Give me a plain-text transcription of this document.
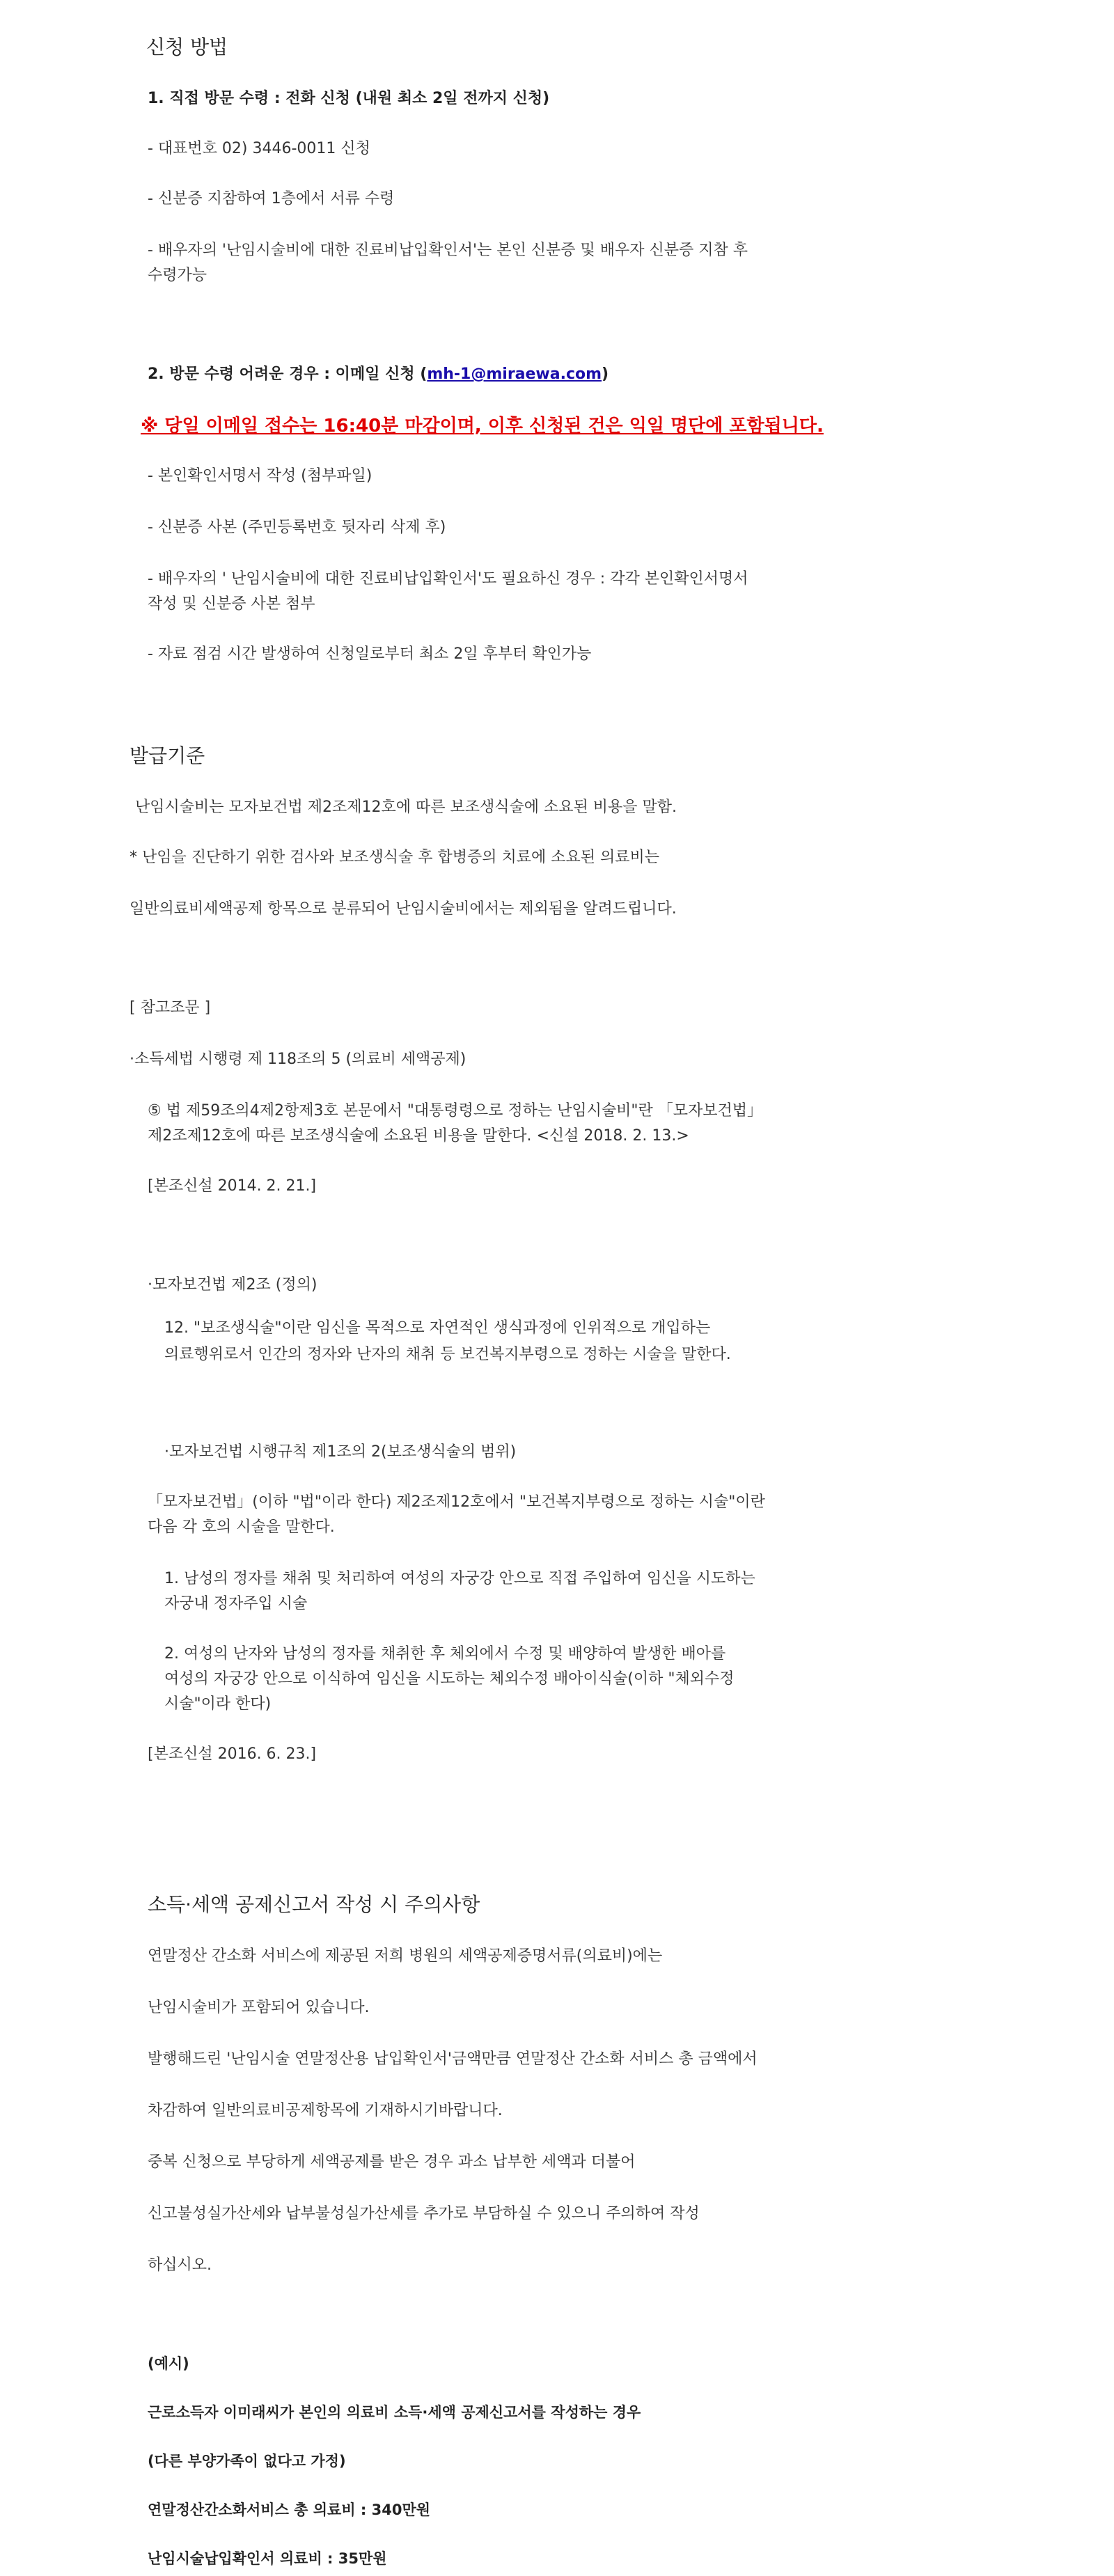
신청 방법
1. 직접 방문 수령 : 전화 신청 (내원 최소 2일 전까지 신청)
- 대표번호 02) 3446-0011 신청
- 신분증 지참하여 1층에서 서류 수령
- 배우자의 '난임시술비에 대한 진료비납입확인서'는 본인 신분증 및 배우자 신분증 지참 후
수령가능
2. 방문 수령 어려운 경우 : 이메일 신청 (mh-1@miraewa.com)
※ 당일 이메일 접수는 16:40분 마감이며, 이후 신청된 건은 익일 명단에 포함됩니다.
- 본인확인서명서 작성 (첨부파일)
- 신분증 사본 (주민등록번호 뒷자리 삭제 후)
- 배우자의 ' 난임시술비에 대한 진료비납입확인서'도 필요하신 경우 : 각각 본인확인서명서
작성 및 신분증 사본 첨부
- 자료 점검 시간 발생하여 신청일로부터 최소 2일 후부터 확인가능
발급기준
난임시술비는 모자보건법 제2조제12호에 따른 보조생식술에 소요된 비용을 말함.
* 난임을 진단하기 위한 검사와 보조생식술 후 합병증의 치료에 소요된 의료비는
일반의료비세액공제 항목으로 분류되어 난임시술비에서는 제외됨을 알려드립니다.
[ 참고조문 ]
·소득세법 시행령 제 118조의 5 (의료비 세액공제)
⑤ 법 제59조의4제2항제3호 본문에서 "대통령령으로 정하는 난임시술비"란 「모자보건법」
제2조제12호에 따른 보조생식술에 소요된 비용을 말한다. <신설 2018. 2. 13.>
[본조신설 2014. 2. 21.]
·모자보건법 제2조 (정의)
12. "보조생식술"이란 임신을 목적으로 자연적인 생식과정에 인위적으로 개입하는
의료행위로서 인간의 정자와 난자의 채취 등 보건복지부령으로 정하는 시술을 말한다.
·모자보건법 시행규칙 제1조의 2(보조생식술의 범위)
「모자보건법」(이하 "법"이라 한다) 제2조제12호에서 "보건복지부령으로 정하는 시술"이란
다음 각 호의 시술을 말한다.
1. 남성의 정자를 채취 및 처리하여 여성의 자궁강 안으로 직접 주입하여 임신을 시도하는
자궁내 정자주입 시술
2. 여성의 난자와 남성의 정자를 채취한 후 체외에서 수정 및 배양하여 발생한 배아를
여성의 자궁강 안으로 이식하여 임신을 시도하는 체외수정 배아이식술(이하 "체외수정
시술"이라 한다)
[본조신설 2016. 6. 23.]
소득·세액 공제신고서 작성 시 주의사항
연말정산 간소화 서비스에 제공된 저희 병원의 세액공제증명서류(의료비)에는
난임시술비가 포함되어 있습니다.
발행해드린 '난임시술 연말정산용 납입확인서'금액만큼 연말정산 간소화 서비스 총 금액에서
차감하여 일반의료비공제항목에 기재하시기바랍니다.
중복 신청으로 부당하게 세액공제를 받은 경우 과소 납부한 세액과 더불어
신고불성실가산세와 납부불성실가산세를 추가로 부담하실 수 있으니 주의하여 작성
하십시오.
(예시)
근로소득자 이미래씨가 본인의 의료비 소득·세액 공제신고서를 작성하는 경우
(다른 부양가족이 없다고 가정)
연말정산간소화서비스 총 의료비 : 340만원
난임시술납입확인서 의료비 : 35만원
